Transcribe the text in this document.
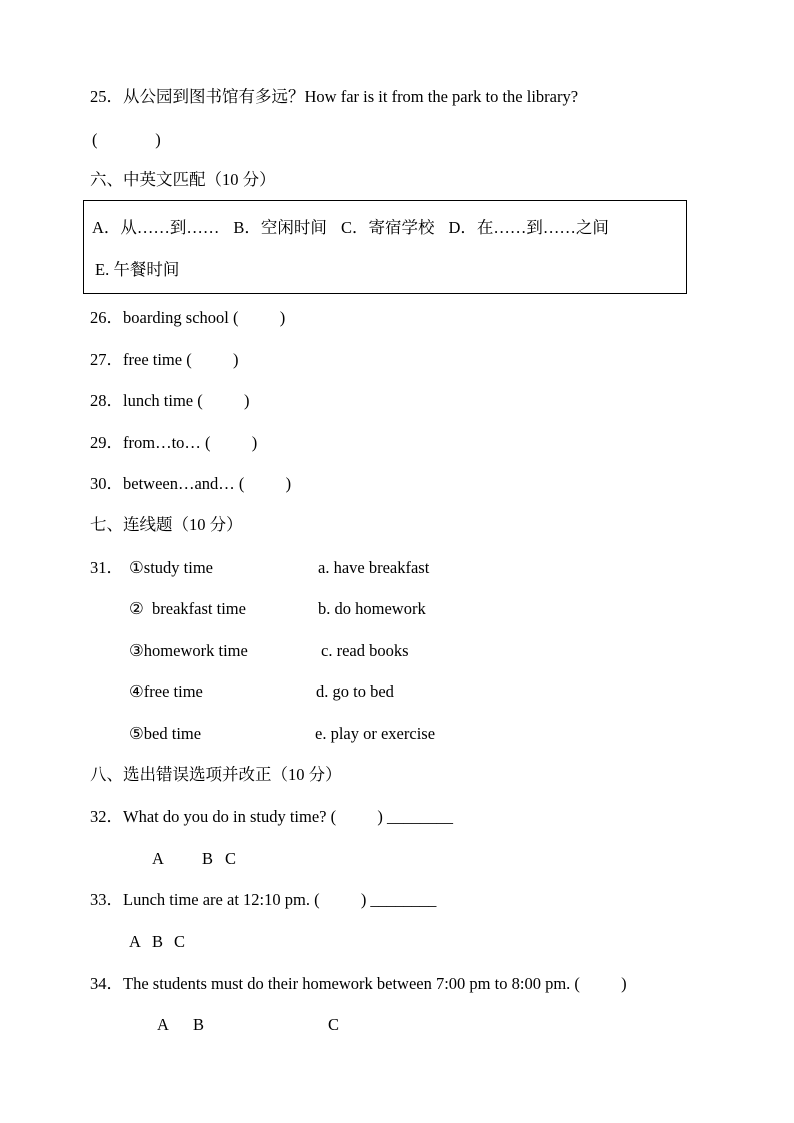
25．从公园到图书馆有多远？How far is it from the park to the library?
(              )
六、中英文匹配（10 分）
A．从……到…… B．空闲时间 C．寄宿学校 D．在……到……之间
E. 午餐时间
26．boarding school (          )
27．free time (          )
28．lunch time (          )
29．from…to… (          )
30．between…and… (          )
七、连线题（10 分）
31． ①study time
②  breakfast time
③homework time
④free time
⑤bed time
a. have breakfast
b. do homework
c. read books
d. go to bed
e. play or exercise
八、选出错误选项并改正（10 分）
32．What do you do in study time? (          ) ________
A B C
33．Lunch time are at 12:10 pm. (          ) ________
A B C
34．The students must do their homework between 7:00 pm to 8:00 pm. (          )
A B	C
